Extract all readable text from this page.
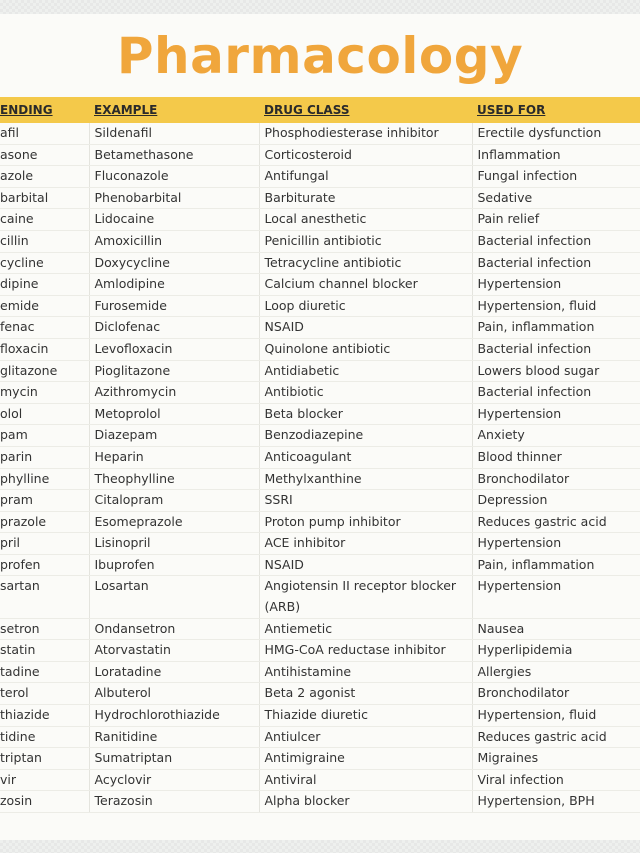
Pharmacology
ENDING	EXAMPLE	DRUG CLASS	USED FOR
afil	Sildenafil	Phosphodiesterase inhibitor	Erectile dysfunction
asone	Betamethasone	Corticosteroid	Inflammation
azole	Fluconazole	Antifungal	Fungal infection
barbital	Phenobarbital	Barbiturate	Sedative
caine	Lidocaine	Local anesthetic	Pain relief
cillin	Amoxicillin	Penicillin antibiotic	Bacterial infection
cycline	Doxycycline	Tetracycline antibiotic	Bacterial infection
dipine	Amlodipine	Calcium channel blocker	Hypertension
emide	Furosemide	Loop diuretic	Hypertension, fluid
fenac	Diclofenac	NSAID	Pain, inflammation
floxacin	Levofloxacin	Quinolone antibiotic	Bacterial infection
glitazone	Pioglitazone	Antidiabetic	Lowers blood sugar
mycin	Azithromycin	Antibiotic	Bacterial infection
olol	Metoprolol	Beta blocker	Hypertension
pam	Diazepam	Benzodiazepine	Anxiety
parin	Heparin	Anticoagulant	Blood thinner
phylline	Theophylline	Methylxanthine	Bronchodilator
pram	Citalopram	SSRI	Depression
prazole	Esomeprazole	Proton pump inhibitor	Reduces gastric acid
pril	Lisinopril	ACE inhibitor	Hypertension
profen	Ibuprofen	NSAID	Pain, inflammation
sartan	Losartan	Angiotensin II receptor blocker (ARB)	Hypertension
setron	Ondansetron	Antiemetic	Nausea
statin	Atorvastatin	HMG-CoA reductase inhibitor	Hyperlipidemia
tadine	Loratadine	Antihistamine	Allergies
terol	Albuterol	Beta 2 agonist	Bronchodilator
thiazide	Hydrochlorothiazide	Thiazide diuretic	Hypertension, fluid
tidine	Ranitidine	Antiulcer	Reduces gastric acid
triptan	Sumatriptan	Antimigraine	Migraines
vir	Acyclovir	Antiviral	Viral infection
zosin	Terazosin	Alpha blocker	Hypertension, BPH
